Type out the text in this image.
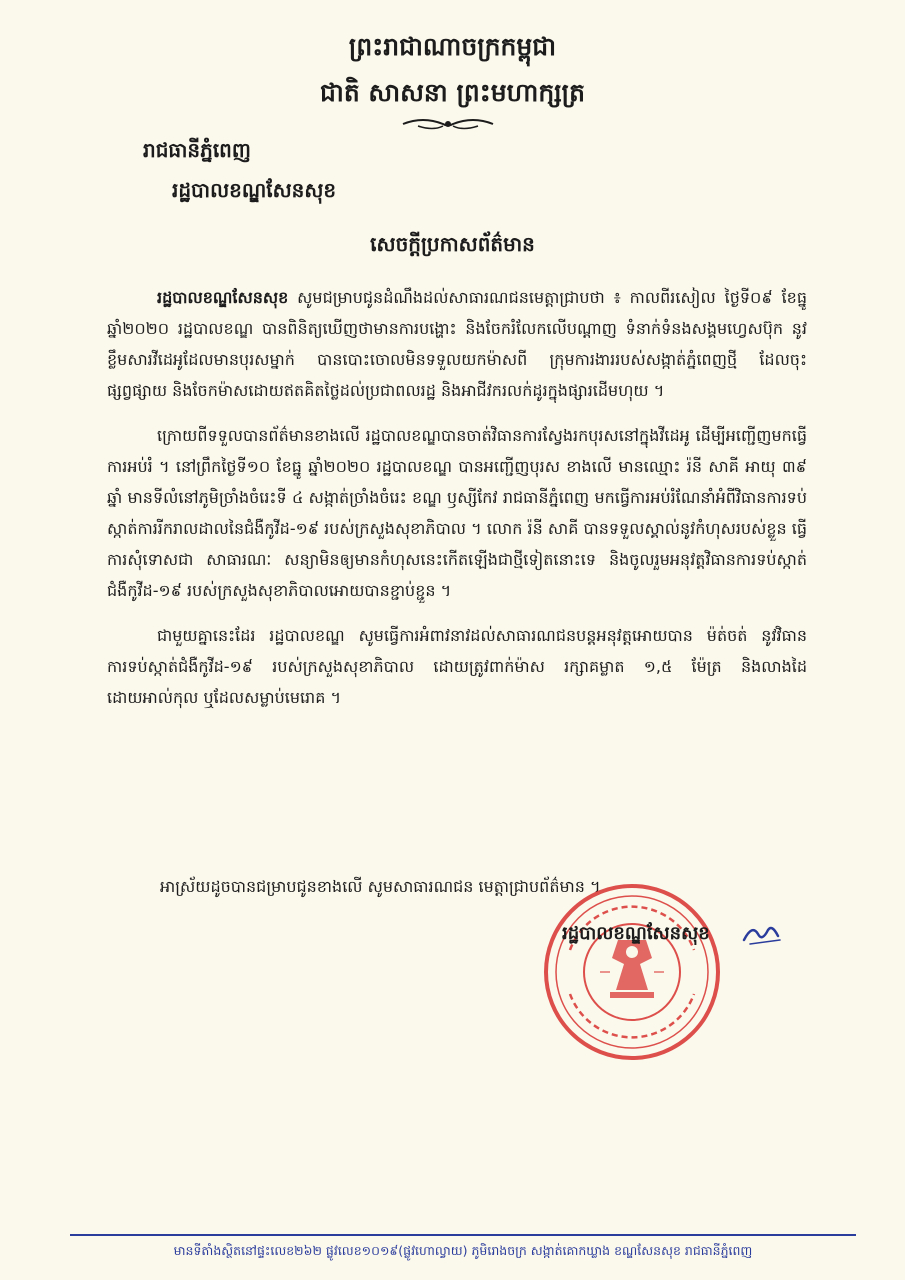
ព្រះរាជាណាចក្រកម្ពុជា
ជាតិ សាសនា ព្រះមហាក្សត្រ
រាជធានីភ្នំពេញ
រដ្ឋបាលខណ្ឌសែនសុខ
សេចក្តីប្រកាសព័ត៌មាន

រដ្ឋបាលខណ្ឌសែនសុខ សូមជម្រាបជូនដំណឹងដល់សាធារណជនមេត្តាជ្រាបថា ៖ កាលពីរសៀល ថ្ងៃទី០៩ ខែធ្នូ ឆ្នាំ២០២០ រដ្ឋបាលខណ្ឌ បានពិនិត្យឃើញថាមានការបង្ហោះ និងចែករំលែកលើបណ្តាញ ទំនាក់ទំនងសង្គមហ្វេសប៊ុក នូវខ្លឹមសារវីដេអូដែលមានបុរសម្នាក់ បានបោះចោលមិនទទួលយកម៉ាសពី ក្រុមការងាររបស់សង្កាត់ភ្នំពេញថ្មី ដែលចុះផ្សព្វផ្សាយ និងចែកម៉ាសដោយឥតគិតថ្លៃដល់ប្រជាពលរដ្ឋ និងអាជីវករលក់ដូរក្នុងផ្សារដើមហុយ ។

ក្រោយពីទទួលបានព័ត៌មានខាងលើ រដ្ឋបាលខណ្ឌបានចាត់វិធានការស្វែងរកបុរសនៅក្នុងវីដេអូ ដើម្បីអញ្ជើញមកធ្វើការអប់រំ ។ នៅព្រឹកថ្ងៃទី១០ ខែធ្នូ ឆ្នាំ២០២០ រដ្ឋបាលខណ្ឌ បានអញ្ជើញបុរស ខាងលើ មានឈ្មោះ រ៉នី សាគី អាយុ ៣៩ ឆ្នាំ មានទីលំនៅភូមិច្រាំងចំរេះទី ៤ សង្កាត់ច្រាំងចំរេះ ខណ្ឌ ឫស្សីកែវ រាជធានីភ្នំពេញ មកធ្វើការអប់រំណែនាំអំពីវិធានការទប់ស្កាត់ការរីករាលដាលនៃជំងឺកូវីដ-១៩ របស់ក្រសួងសុខាភិបាល ។ លោក រ៉នី សាគី បានទទួលស្គាល់នូវកំហុសរបស់ខ្លួន ធ្វើការសុំទោសជា សាធារណៈ សន្យាមិនឲ្យមានកំហុសនេះកើតឡើងជាថ្មីទៀតនោះទេ និងចូលរួមអនុវត្តវិធានការទប់ស្កាត់ ជំងឺកូវីដ-១៩ របស់ក្រសួងសុខាភិបាលអោយបានខ្ជាប់ខ្ជួន ។

ជាមួយគ្នានេះដែរ រដ្ឋបាលខណ្ឌ សូមធ្វើការអំពាវនាវដល់សាធារណជនបន្តអនុវត្តអោយបាន ម៉ត់ចត់ នូវវិធានការទប់ស្កាត់ជំងឺកូវីដ-១៩ របស់ក្រសួងសុខាភិបាល ដោយត្រូវពាក់ម៉ាស រក្សាគម្លាត ១,៥ ម៉ែត្រ និងលាងដៃដោយអាល់កុល ឬដែលសម្លាប់មេរោគ ។

អាស្រ័យដូចបានជម្រាបជូនខាងលើ សូមសាធារណជន មេត្តាជ្រាបព័ត៌មាន ។
រដ្ឋបាលខណ្ឌសែនសុខ
មានទីតាំងស្ថិតនៅផ្ទះលេខ២៦២ ផ្លូវលេខ១០១៩(ផ្លូវហោល្វាយ) ភូមិរោងចក្រ សង្កាត់គោកឃ្លាង ខណ្ឌសែនសុខ រាជធានីភ្នំពេញ
